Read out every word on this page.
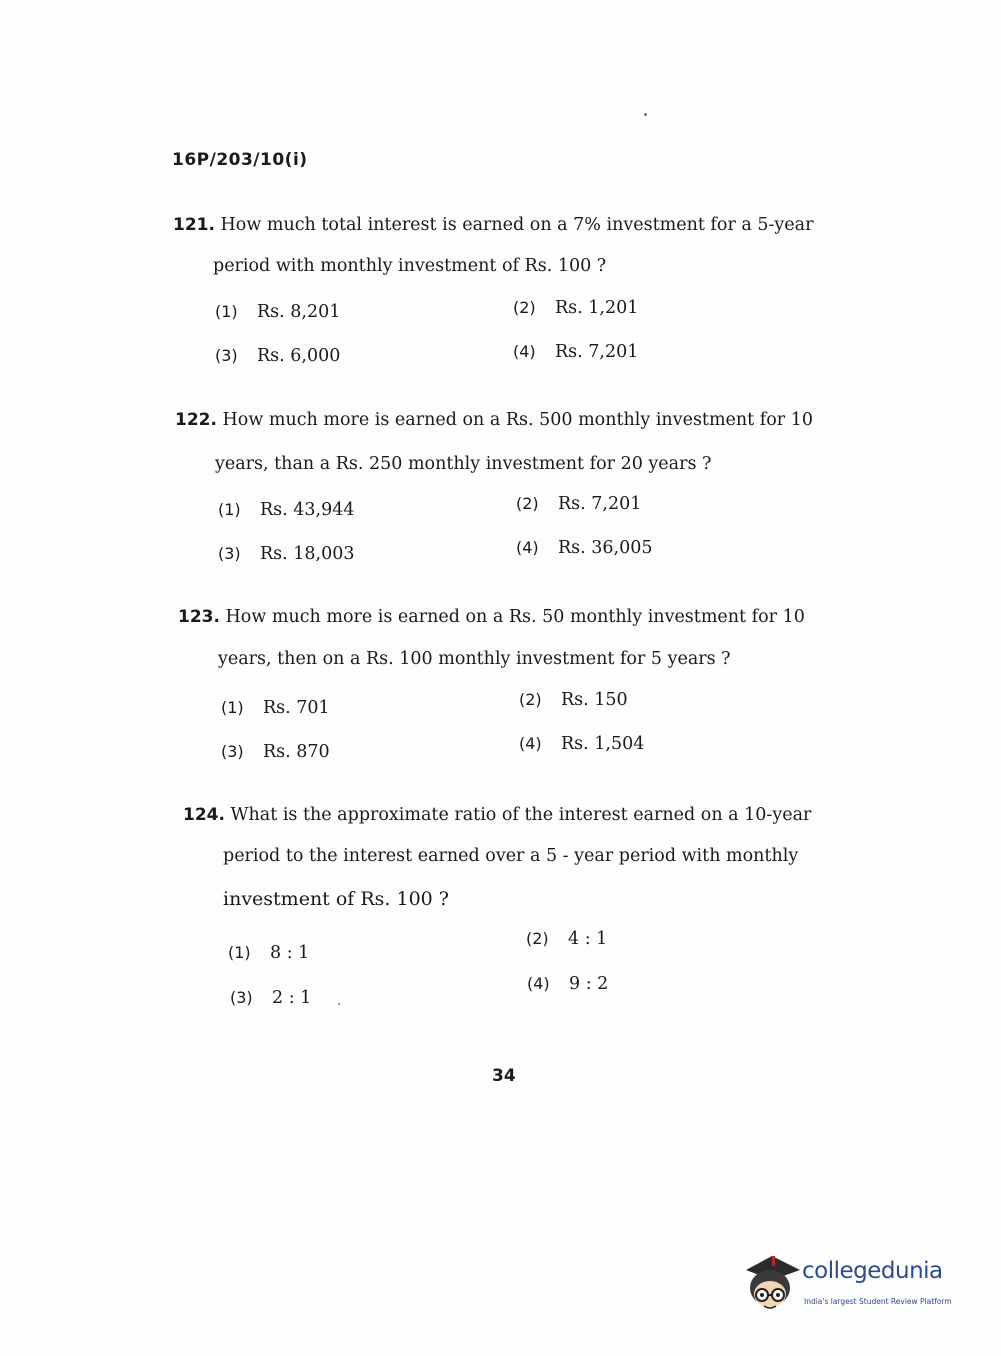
16P/203/10(i)
121. How much total interest is earned on a 7% investment for a 5-year
period with monthly investment of Rs. 100 ?
(1) Rs. 8,201	(2) Rs. 1,201
(3) Rs. 6,000	(4) Rs. 7,201
122. How much more is earned on a Rs. 500 monthly investment for 10
years, than a Rs. 250 monthly investment for 20 years ?
(1) Rs. 43,944	(2) Rs. 7,201
(3) Rs. 18,003	(4) Rs. 36,005
123. How much more is earned on a Rs. 50 monthly investment for 10
years, then on a Rs. 100 monthly investment for 5 years ?
(1) Rs. 701	(2) Rs. 150
(3) Rs. 870	(4) Rs. 1,504
124. What is the approximate ratio of the interest earned on a 10-year
period to the interest earned over a 5 - year period with monthly
investment of Rs. 100 ?
(1) 8 : 1
(2) 4 : 1
(3) 2 : 1
(4) 9 : 2
34
collegedunia
India's largest Student Review Platform
